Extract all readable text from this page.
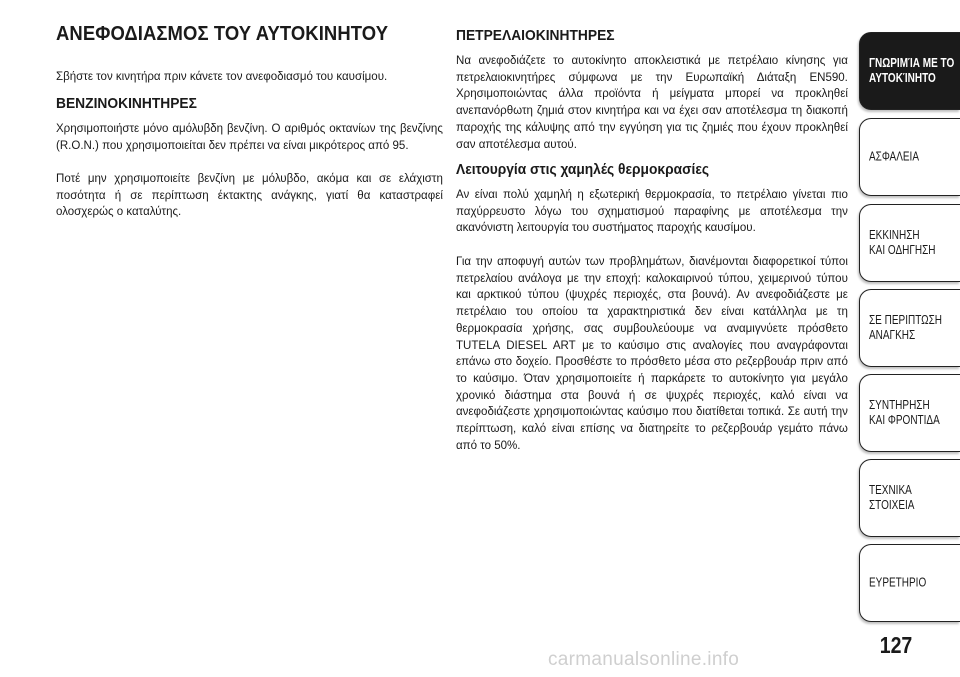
ΑΝΕΦΟΔΙΑΣΜΟΣ ΤΟΥ ΑΥΤΟΚΙΝΗΤΟΥ

Σβήστε τον κινητήρα πριν κάνετε τον ανεφοδιασμό του καυσίμου.

ΒΕΝΖΙΝΟΚΙΝΗΤΗΡΕΣ

Χρησιμοποιήστε μόνο αμόλυβδη βενζίνη. Ο αριθμός οκτανίων της βενζίνης (R.O.N.) που χρησιμοποιείται δεν πρέπει να είναι μικρότερος από 95.

Ποτέ μην χρησιμοποιείτε βενζίνη με μόλυβδο, ακόμα και σε ελάχιστη ποσότητα ή σε περίπτωση έκτακτης ανάγκης, γιατί θα καταστραφεί ολοσχερώς ο καταλύτης.

ΠΕΤΡΕΛΑΙΟΚΙΝΗΤΗΡΕΣ

Να ανεφοδιάζετε το αυτοκίνητο αποκλειστικά με πετρέλαιο κίνησης για πετρελαιοκινητήρες σύμφωνα με την Ευρωπαϊκή Διάταξη EN590. Χρησιμοποιώντας άλλα προϊόντα ή μείγματα μπορεί να προκληθεί ανεπανόρθωτη ζημιά στον κινητήρα και να έχει σαν αποτέλεσμα τη διακοπή παροχής της κάλυψης από την εγγύηση για τις ζημιές που έχουν προκληθεί σαν αποτέλεσμα αυτού.

Λειτουργία στις χαμηλές θερμοκρασίες

Αν είναι πολύ χαμηλή η εξωτερική θερμοκρασία, το πετρέλαιο γίνεται πιο παχύρρευστο λόγω του σχηματισμού παραφίνης με αποτέλεσμα την ακανόνιστη λειτουργία του συστήματος παροχής καυσίμου.

Για την αποφυγή αυτών των προβλημάτων, διανέμονται διαφορετικοί τύποι πετρελαίου ανάλογα με την εποχή: καλοκαιρινού τύπου, χειμερινού τύπου και αρκτικού τύπου (ψυχρές περιοχές, στα βουνά). Αν ανεφοδιάζεστε με πετρέλαιο του οποίου τα χαρακτηριστικά δεν είναι κατάλληλα με τη θερμοκρασία χρήσης, σας συμβουλεύουμε να αναμιγνύετε πρόσθετο TUTELA DIESEL ART με το καύσιμο στις αναλογίες που αναγράφονται επάνω στο δοχείο. Προσθέστε το πρόσθετο μέσα στο ρεζερβουάρ πριν από το καύσιμο. Όταν χρησιμοποιείτε ή παρκάρετε το αυτοκίνητο για μεγάλο χρονικό διάστημα στα βουνά ή σε ψυχρές περιοχές, καλό είναι να ανεφοδιάζεστε χρησιμοποιώντας καύσιμο που διατίθεται τοπικά. Σε αυτή την περίπτωση, καλό είναι επίσης να διατηρείτε το ρεζερβουάρ γεμάτο πάνω από το 50%.

ΓΝΩΡΙΜΊΑ ΜΕ ΤΟ
ΑΥΤΟΚΊΝΗΤΟ
ΑΣΦΑΛΕΙΑ
ΕΚΚΙΝΗΣΗ
ΚΑΙ ΟΔΗΓΗΣΗ
ΣΕ ΠΕΡΙΠΤΩΣΗ
ΑΝΑΓΚΗΣ
ΣΥΝΤΗΡΗΣΗ
ΚΑΙ ΦΡΟΝΤΙΔΑ
ΤΕΧΝΙΚΑ
ΣΤΟΙΧΕΙΑ
ΕΥΡΕΤΗΡΙΟ
127
carmanualsonline.info
